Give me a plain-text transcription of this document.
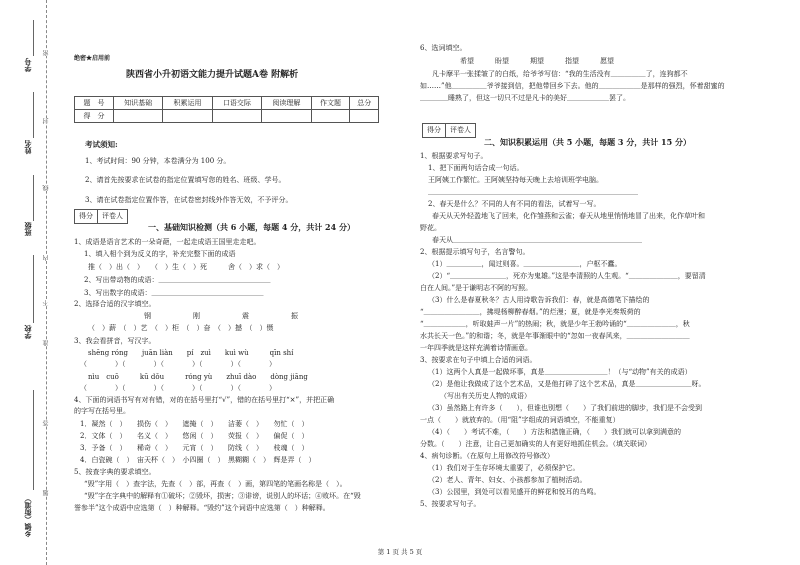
学号
姓名
班级
学校
乡镇（街道）
密
封
线
内
不
准
答
题
绝密★启用前
陕西省小升初语文能力提升试题A卷 附解析
题　号	知识基础	积累运用	口语交际	阅读理解	作文题	总分
得　分						
考试须知:
1、考试时间：90 分钟，本卷满分为 100 分。
2、请首先按要求在试卷的指定位置填写您的姓名、班级、学号。
3、请在试卷指定位置作答，在试卷密封线外作答无效，不予评分。
得分	评卷人
一、基础知识检测（共 6 小题，每题 4 分，共计 24 分）
1、成语是语言艺术的一朵奇葩，一起走成语王国里走走吧。
1、填入相个到为反义的字，补充完整下面的成语
推（　）出（　）　　（　）生（　）死　　　舍（　）求（　）
2、写出带动物的成语：＿＿＿＿＿＿＿＿＿＿＿＿＿＿＿＿
3、写出数字的成语：＿＿＿＿＿＿＿＿＿＿＿＿＿＿＿＿
2、选择合适的汉字填空。
钢　　　　　　刚　　　　　　震　　　　　　振
（　）薪　（　）艺　（　）柜　（　）奋　（　）撼　（　）慑
3、我会看拼音，写汉字。
shēng róng　　juān liàn　　pí　zuì　　kuì wù　　　qīn shí
（　　　　）（　　　　）（　　　　）（　　　　）（　　　　）
nìu　cuō　　　kū dǒu　　　róng yù　　zhuī dào　　dòng jiāng
（　　　　）（　　　　）（　　　　）（　　　　）（　　　　）
4、下面的词语书写有对有错，对的在括号里打“√”，错的在括号里打“×”，并把正确
的字写在括号里。
1．凝然（　）　　损伤（　）　　遮掩（　）　　洁萎（　）　　勿忙（　）
2．文体（　）　　名义（　）　　悠闲（　）　　荧报（　）　　偏促（　）
3．予备（　）　　稀奇（　）　　元宵（　）　　防线（　）　　枝魂（　）
4．白瓷碗（　）　宙天杯（　）　小四圈（　）　黑糊糊（　）　辉是弄（　）
5、按查字典的要求填空。
“毁”字用（　）查字法，先查（　）部，再查（　）画，第四笔的笔画名称是（　）。
“毁”字在字典中的解释有①破坏；②毁坏，损害；③诽谤，说别人的坏话；④败坏。在“毁
誉参半”这个成语中应选第（　）种解释。“毁约”这个词语中应选第（　）种解释。
6、选词填空。
希望　　　盼望　　　期望　　　指望　　　愿望
凡卡摩平一张揉皱了的白纸，给爷爷写信：“我的生活没有＿＿＿＿＿了，连狗都不
如……”他＿＿＿＿＿爷爷接到信，把他带回乡下去。他的＿＿＿＿＿＿是那样的强烈，怀着甜蜜的
＿＿＿＿睡熟了，但这一切只不过是凡卡的美好＿＿＿＿＿＿罢了。
得分	评卷人
二、知识积累运用（共 5 小题，每题 3 分，共计 15 分）
1、根据要求写句子。
1、把下面两句话合成一句话。
王阿姨工作繁忙。王阿姨坚持每天晚上去培训班学电脑。
＿＿＿＿＿＿＿＿＿＿＿＿＿＿＿＿＿＿＿＿＿＿＿＿＿＿＿＿＿＿
2、春天是什么？不同的人有不同的看法，试着写一写。
春天从天外轻盈地飞了回来，化作雏燕和云雀；春天从地里悄悄地冒了出来，化作草叶和
野花。
春天从＿＿＿＿＿＿＿＿＿＿＿＿＿＿＿＿＿＿＿＿＿＿＿＿＿＿＿
2、根据提示填写句子，名言警句。
（1）＿＿＿＿＿，闻过则喜。＿＿＿＿＿＿＿＿，户枢不蠹。
（2）“＿＿＿＿＿＿＿＿，死亦为鬼雄。”这是李清照的人生观。“＿＿＿＿＿＿＿，要留清
白在人间。”是于谦明志不阿的写照。
（3）什么是春夏秋冬？古人用诗歌告诉我们：春，就是高德笔下描绘的
“＿＿＿＿＿＿＿＿，拂堤杨柳醉春烟。”的烂漫；夏，就是李光奏叛荷的
“＿＿＿＿＿＿，听取蛙声一片”的热闹；秋，就是少年王勃吟诵的“＿＿＿＿＿＿＿，秋
水共长天一色。”的和谐；冬，就是年事渐眼中的“忽如一夜春风来，＿＿＿＿＿＿＿＿＿
一年四季就是这样充满着诗情画意。
3、按要求在句子中填上合适的词语。
（1）这两个人真是一起做坏事，真是＿＿＿＿＿＿＿＿＿！（与“动物”有关的成语）
（2）是他让我做成了这个艺术品，又是他打碎了这个艺术品，真是＿＿＿＿＿＿＿＿呀。
（写出有关历史人物的成语）
（3）虽然路上有许多（　　），但谁也别想（　　）了我们前进的脚步，我们是不会受到
一点（　　）就放弃的。（用“阻”字组成的词语填空，不能重复）
（4）（　　）考试不难，（　　）方法和措施正确，（　　）我们就可以拿到满意的
分数。（　　）注意，让自己更加确实的人有更好地抓住机会。（填关联词）
4、病句诊断。（在原句上用修改符号修改）
（1）我们对于生存环境太重要了，必须保护它。
（2）老人、青年、妇女、小孩都参加了植树活动。
（3）公园里，到处可以看见盛开的鲜花和悦耳的鸟鸣。
5、按要求写句子。
第 1 页 共 5 页
